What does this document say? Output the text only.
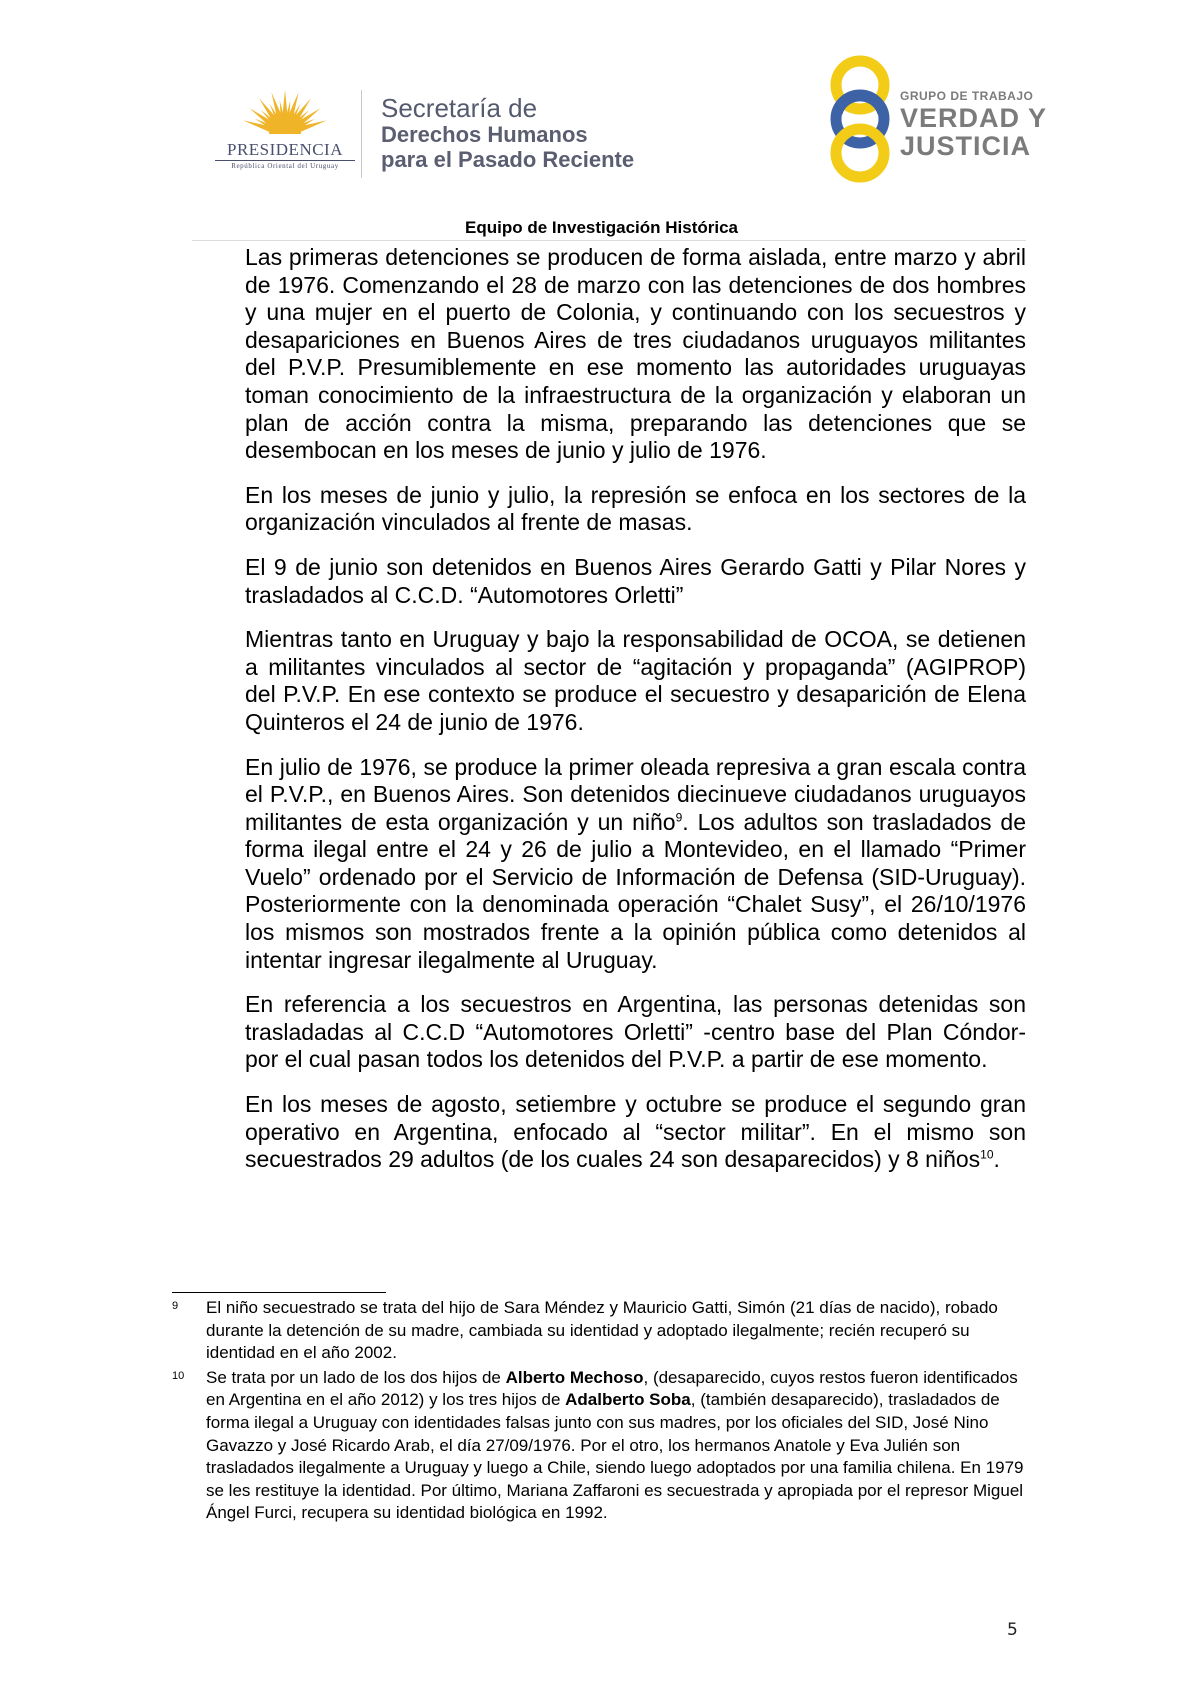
PRESIDENCIA
República Oriental del Uruguay
Secretaría de
Derechos Humanos
para el Pasado Reciente
GRUPO DE TRABAJO
VERDAD Y
JUSTICIA
Equipo de Investigación Histórica

Las primeras detenciones se producen de forma aislada, entre marzo y abril de 1976. Comenzando el 28 de marzo con las detenciones de dos hombres y una mujer en el puerto de Colonia, y continuando con los secuestros y desapariciones en Buenos Aires de tres ciudadanos uruguayos militantes del P.V.P. Presumiblemente en ese momento las autoridades uruguayas toman conocimiento de la infraestructura de la organización y elaboran un plan de acción contra la misma, preparando las detenciones que se desembocan en los meses de junio y julio de 1976.

En los meses de junio y julio, la represión se enfoca en los sectores de la organización vinculados al frente de masas.

El 9 de junio son detenidos en Buenos Aires Gerardo Gatti y Pilar Nores y trasladados al C.C.D. “Automotores Orletti”

Mientras tanto en Uruguay y bajo la responsabilidad de OCOA, se detienen a militantes vinculados al sector de “agitación y propaganda” (AGIPROP) del P.V.P. En ese contexto se produce el secuestro y desaparición de Elena Quinteros el 24 de junio de 1976.

En julio de 1976, se produce la primer oleada represiva a gran escala contra el P.V.P., en Buenos Aires. Son detenidos diecinueve ciudadanos uruguayos militantes de esta organización y un niño$^9$. Los adultos son trasladados de forma ilegal entre el 24 y 26 de julio a Montevideo, en el llamado “Primer Vuelo” ordenado por el Servicio de Información de Defensa (SID-Uruguay). Posteriormente con la denominada operación “Chalet Susy”, el 26/10/1976 los mismos son mostrados frente a la opinión pública como detenidos al intentar ingresar ilegalmente al Uruguay.

En referencia a los secuestros en Argentina, las personas detenidas son trasladadas al C.C.D “Automotores Orletti” -centro base del Plan Cóndor- por el cual pasan todos los detenidos del P.V.P. a partir de ese momento.

En los meses de agosto, setiembre y octubre se produce el segundo gran operativo en Argentina, enfocado al “sector militar”. En el mismo son secuestrados 29 adultos (de los cuales 24 son desaparecidos) y 8 niños$^{10}$.

9 El niño secuestrado se trata del hijo de Sara Méndez y Mauricio Gatti, Simón (21 días de nacido), robado durante la detención de su madre, cambiada su identidad y adoptado ilegalmente; recién recuperó su identidad en el año 2002.
10 Se trata por un lado de los dos hijos de Alberto Mechoso, (desaparecido, cuyos restos fueron identificados en Argentina en el año 2012) y los tres hijos de Adalberto Soba, (también desaparecido), trasladados de forma ilegal a Uruguay con identidades falsas junto con sus madres, por los oficiales del SID, José Nino Gavazzo y José Ricardo Arab, el día 27/09/1976. Por el otro, los hermanos Anatole y Eva Julién son trasladados ilegalmente a Uruguay y luego a Chile, siendo luego adoptados por una familia chilena. En 1979 se les restituye la identidad. Por último, Mariana Zaffaroni es secuestrada y apropiada por el represor Miguel Ángel Furci, recupera su identidad biológica en 1992.
5
